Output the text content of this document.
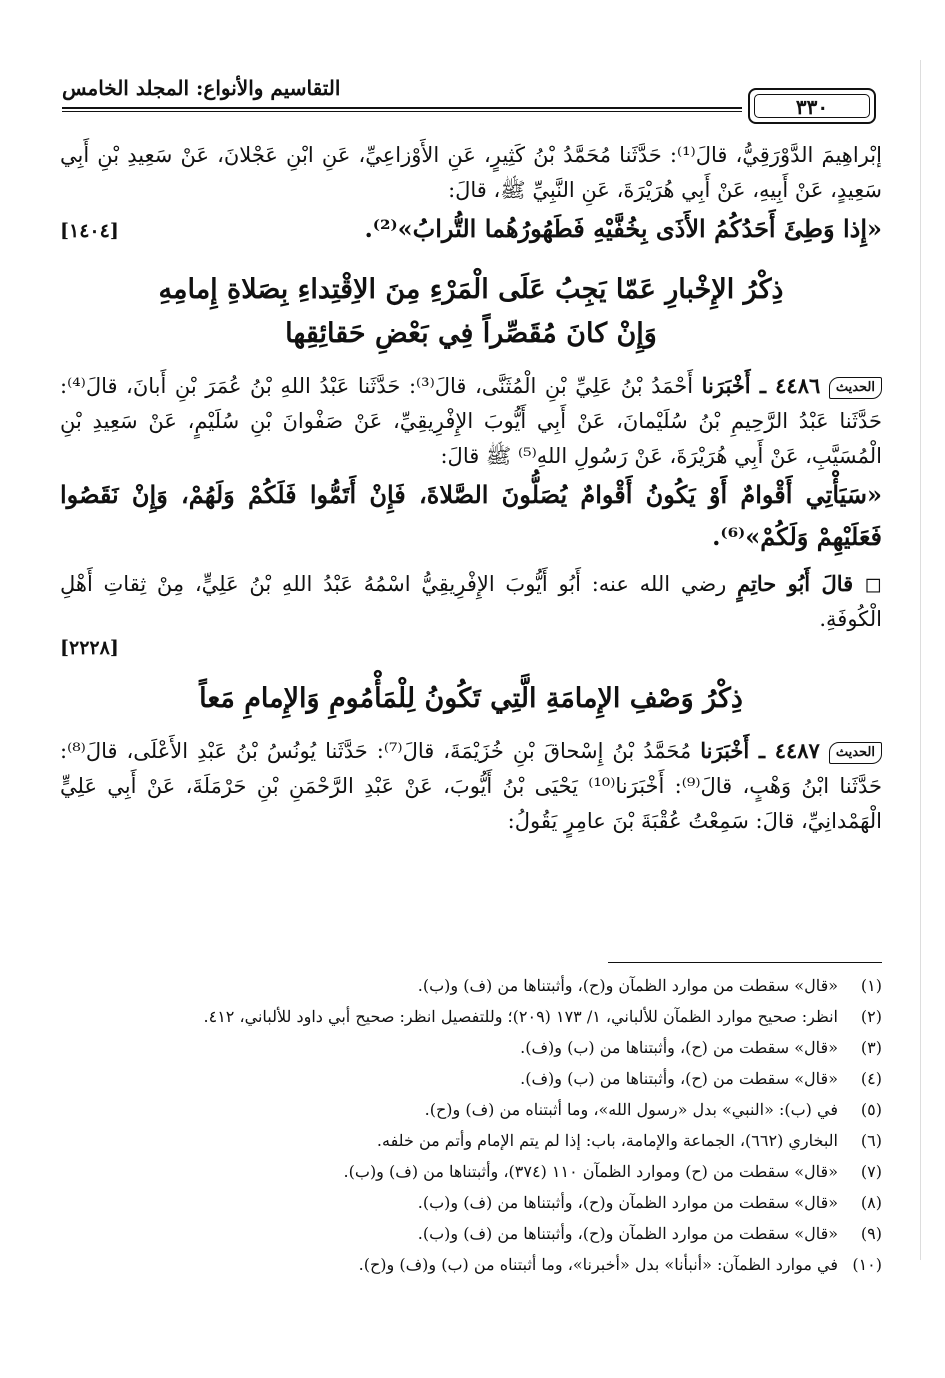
التقاسيم والأنواع: المجلد الخامس
٣٣٠

إبْراهِيمَ الدَّوْرَقِيُّ، قالَ⁽¹⁾: حَدَّثَنا مُحَمَّدُ بْنُ كَثِيرٍ، عَنِ الأَوْزاعِيِّ، عَنِ ابْنِ عَجْلانَ، عَنْ سَعِيدِ بْنِ أَبِي سَعِيدٍ، عَنْ أَبِيهِ، عَنْ أَبِي هُرَيْرَةَ، عَنِ النَّبِيِّ ﷺ، قالَ:

«إِذا وَطِئَ أَحَدُكُمُ الأَذَى بِخُفَّيْهِ فَطَهُورُهُما التُّرابُ»⁽²⁾.

[١٤٠٤]
ذِكْرُ الإِخْبارِ عَمّا يَجِبُ عَلَى الْمَرْءِ مِنَ الاِقْتِداءِ بِصَلاةِ إِمامِهِ
وَإِنْ كانَ مُقَصِّراً فِي بَعْضِ حَقائِقِها

الحديث ٤٤٨٦ ـ أَخْبَرَنا أَحْمَدُ بْنُ عَلِيِّ بْنِ الْمُثَنَّى، قالَ⁽³⁾: حَدَّثَنا عَبْدُ اللهِ بْنُ عُمَرَ بْنِ أَبانَ، قالَ⁽⁴⁾: حَدَّثَنا عَبْدُ الرَّحِيمِ بْنُ سُلَيْمانَ، عَنْ أَبِي أَيُّوبَ الإِفْرِيقِيِّ، عَنْ صَفْوانَ بْنِ سُلَيْمٍ، عَنْ سَعِيدِ بْنِ الْمُسَيَّبِ، عَنْ أَبِي هُرَيْرَةَ، عَنْ رَسُولِ اللهِ⁽⁵⁾ ﷺ قالَ:

«سَيَأْتِي أَقْوامٌ أَوْ يَكُونُ أَقْوامٌ يُصَلُّونَ الصَّلاةَ، فَإِنْ أَتَمُّوا فَلَكُمْ وَلَهُمْ، وَإِنْ نَقَصُوا فَعَلَيْهِمْ وَلَكُمْ»⁽⁶⁾.

◻ قالَ أَبُو حاتِمٍ رضي الله عنه: أَبُو أَيُّوبَ الإِفْرِيقِيُّ اسْمُهُ عَبْدُ اللهِ بْنُ عَلِيٍّ، مِنْ ثِقاتِ أَهْلِ الْكُوفَةِ.

[٢٢٢٨]
ذِكْرُ وَصْفِ الإِمامَةِ الَّتِي تَكُونُ لِلْمَأْمُومِ وَالإِمامِ مَعاً

الحديث ٤٤٨٧ ـ أَخْبَرَنا مُحَمَّدُ بْنُ إِسْحاقَ بْنِ خُزَيْمَةَ، قالَ⁽⁷⁾: حَدَّثَنا يُونُسُ بْنُ عَبْدِ الأَعْلَى، قالَ⁽⁸⁾: حَدَّثَنا ابْنُ وَهْبٍ، قالَ⁽⁹⁾: أَخْبَرَنا⁽¹⁰⁾ يَحْيَى بْنُ أَيُّوبَ، عَنْ عَبْدِ الرَّحْمَنِ بْنِ حَرْمَلَةَ، عَنْ أَبِي عَلِيٍّ الْهَمْدانِيِّ، قالَ: سَمِعْتُ عُقْبَةَ بْنَ عامِرٍ يَقُولُ:

(١)
«قال» سقطت من موارد الظمآن و(ح)، وأثبتناها من (ف) و(ب).
(٢)
انظر: صحيح موارد الظمآن للألباني، ١/ ١٧٣ (٢٠٩)؛ وللتفصيل انظر: صحيح أبي داود للألباني، ٤١٢.
(٣)
«قال» سقطت من (ح)، وأثبتناها من (ب) و(ف).
(٤)
«قال» سقطت من (ح)، وأثبتناها من (ب) و(ف).
(٥)
في (ب): «النبي» بدل «رسول الله»، وما أثبتناه من (ف) و(ح).
(٦)
البخاري (٦٦٢)، الجماعة والإمامة، باب: إذا لم يتم الإمام وأتم من خلفه.
(٧)
«قال» سقطت من (ح) وموارد الظمآن ١١٠ (٣٧٤)، وأثبتناها من (ف) و(ب).
(٨)
«قال» سقطت من موارد الظمآن و(ح)، وأثبتناها من (ف) و(ب).
(٩)
«قال» سقطت من موارد الظمآن و(ح)، وأثبتناها من (ف) و(ب).
(١٠)
في موارد الظمآن: «أنبأنا» بدل «أخبرنا»، وما أثبتناه من (ب) و(ف) و(ح).
